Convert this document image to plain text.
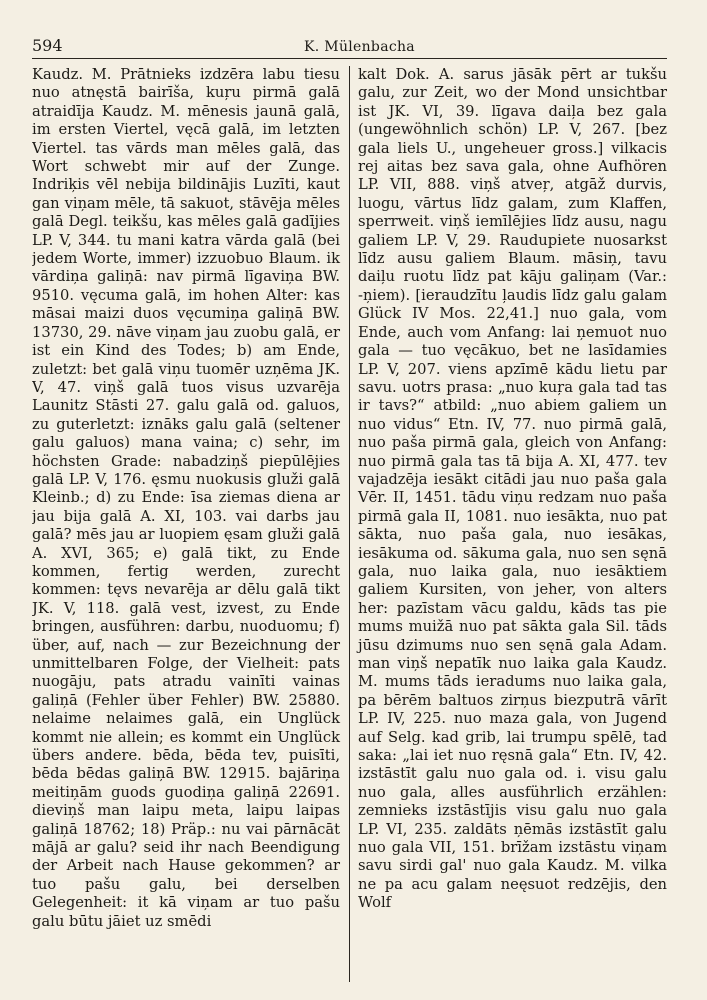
594	K. Mülenbacha

Kaudz. M. Prātnieks izdzēra labu tiesu nuo atnęstā bairīša, kuŗu pirmā galā atraidīja Kaudz. M. mēnesis jaunā galā, im ersten Viertel, vęcā galā, im letzten Viertel. tas vārds man mēles galā, das Wort schwebt mir auf der Zunge. Indriķis vēl nebija bildinājis Luzīti, kaut gan viņam mēle, tā sakuot, stāvēja mēles galā Degl. teikšu, kas mēles galā gadījies LP. V, 344. tu mani katra vārda galā (bei jedem Worte, immer) izzuobuo Blaum. ik vārdiņa galiņā: nav pirmā līgaviņa BW. 9510. vęcuma galā, im hohen Alter: kas māsai maizi duos vęcumiņa galiņā BW. 13730, 29. nāve viņam jau zuobu galā, er ist ein Kind des Todes; b) am Ende, zuletzt: bet galā viņu tuomēr uzņēma JK. V, 47. viņš galā tuos visus uzvarēja Launitz Stāsti 27. galu galā od. galuos, zu guterletzt: iznāks galu galā (seltener galu galuos) mana vaina; c) sehr, im höchsten Grade: nabadziņš piepūlējies galā LP. V, 176. ęsmu nuokusis gluži galā Kleinb.; d) zu Ende: īsa ziemas diena ar jau bija galā A. XI, 103. vai darbs jau galā? mēs jau ar luopiem ęsam gluži galā A. XVI, 365; e) galā tikt, zu Ende kommen, fertig werden, zurecht kommen: tęvs nevarēja ar dēlu galā tikt JK. V, 118. galā vest, izvest, zu Ende bringen, ausführen: darbu, nuoduomu; f) über, auf, nach — zur Bezeichnung der unmittelbaren Folge, der Vielheit: pats nuogāju, pats atradu vainīti vainas galiņā (Fehler über Fehler) BW. 25880. nelaime nelaimes galā, ein Unglück kommt nie allein; es kommt ein Unglück übers andere. bēda, bēda tev, puisīti, bēda bēdas galiņā BW. 12915. bajāriņa meitiņām guods guodiņa galiņā 22691. dieviņš man laipu meta, laipu laipas galiņā 18762; 18) Präp.: nu vai pārnācāt mājā ar galu? seid ihr nach Beendigung der Arbeit nach Hause gekommen? ar tuo pašu galu, bei derselben Gelegenheit: it kā viņam ar tuo pašu galu būtu jāiet uz smēdi

kalt Dok. A. sarus jāsāk pērt ar tukšu galu, zur Zeit, wo der Mond unsichtbar ist JK. VI, 39. līgava daiļa bez gala (ungewöhnlich schön) LP. V, 267. [bez gala liels U., ungeheuer gross.] vilkacis rej aitas bez sava gala, ohne Aufhören LP. VII, 888. viņš atveŗ, atgāž durvis, luogu, vārtus līdz galam, zum Klaffen, sperrweit. viņš iemīlējies līdz ausu, nagu galiem LP. V, 29. Raudupiete nuosarkst līdz ausu galiem Blaum. māsiņ, tavu daiļu ruotu līdz pat kāju galiņam (Var.: -ņiem). [ieraudzītu ļaudis līdz galu galam Glück IV Mos. 22,41.] nuo gala, vom Ende, auch vom Anfang: lai ņemuot nuo gala — tuo vęcākuo, bet ne lasīdamies LP. V, 207. viens apzīmē kādu lietu par savu. uotrs prasa: „nuo kuŗa gala tad tas ir tavs?“ atbild: „nuo abiem galiem un nuo vidus“ Etn. IV, 77. nuo pirmā galā, nuo paša pirmā gala, gleich von Anfang: nuo pirmā gala tas tā bija A. XI, 477. tev vajadzēja iesākt citādi jau nuo paša gala Vēr. II, 1451. tādu viņu redzam nuo paša pirmā gala II, 1081. nuo iesākta, nuo pat sākta, nuo paša gala, nuo iesākas, iesākuma od. sākuma gala, nuo sen sęnā gala, nuo laika gala, nuo iesāktiem galiem Kursiten, von jeher, von alters her: pazīstam vācu galdu, kāds tas pie mums muižā nuo pat sākta gala Sil. tāds jūsu dzimums nuo sen sęnā gala Adam. man viņš nepatīk nuo laika gala Kaudz. M. mums tāds ieradums nuo laika gala, pa bērēm baltuos zirņus biezputrā vārīt LP. IV, 225. nuo maza gala, von Jugend auf Selg. kad grib, lai trumpu spēlē, tad saka: „lai iet nuo ręsnā gala“ Etn. IV, 42. izstāstīt galu nuo gala od. i. visu galu nuo gala, alles ausführlich erzählen: zemnieks izstāstījis visu galu nuo gala LP. VI, 235. zaldāts ņēmās izstāstīt galu nuo gala VII, 151. brīžam izstāstu viņam savu sirdi gal' nuo gala Kaudz. M. vilka ne pa acu galam neęsuot redzējis, den Wolf
